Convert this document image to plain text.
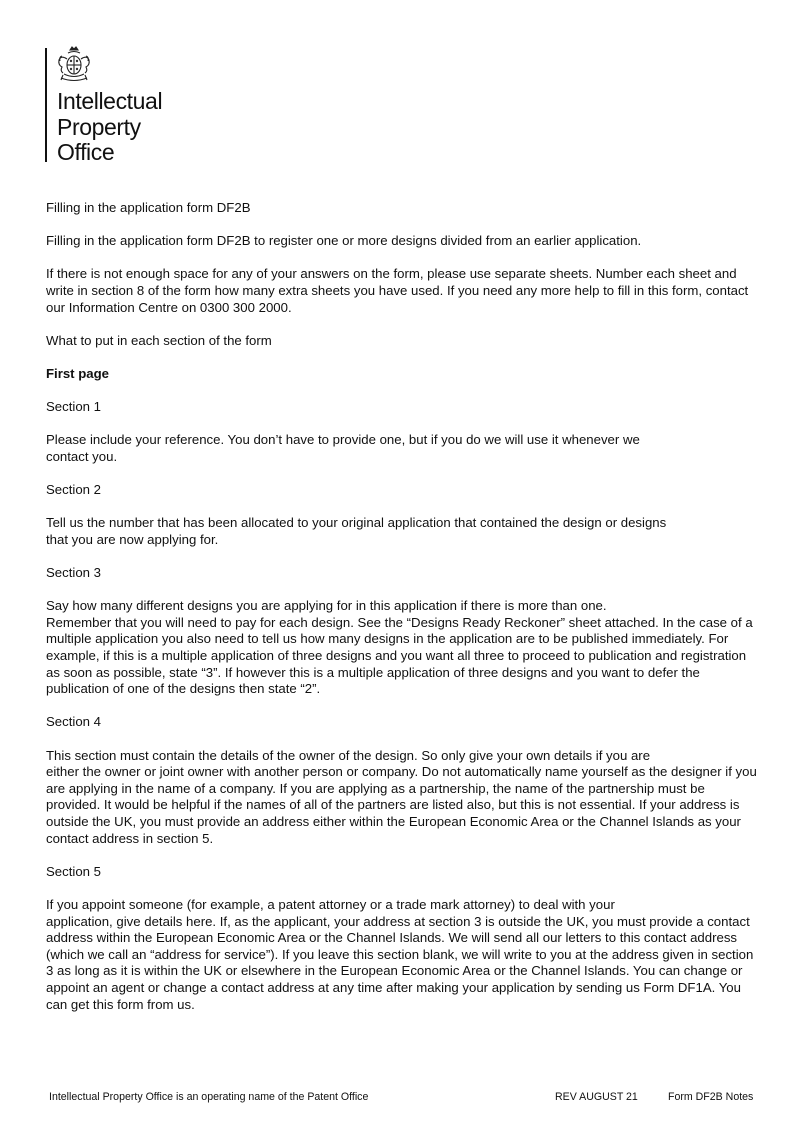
Intellectual
Property
Office

Filling in the application form DF2B

Filling in the application form DF2B to register one or more designs divided from an earlier application.

If there is not enough space for any of your answers on the form, please use separate sheets. Number each sheet and write in section 8 of the form how many extra sheets you have used. If you need any more help to fill in this form, contact our Information Centre on 0300 300 2000.

What to put in each section of the form

First page

Section 1

Please include your reference. You don’t have to provide one, but if you do we will use it whenever we
contact you.

Section 2

Tell us the number that has been allocated to your original application that contained the design or designs
that you are now applying for.

Section 3

Say how many different designs you are applying for in this application if there is more than one.
Remember that you will need to pay for each design. See the “Designs Ready Reckoner” sheet attached. In the case of a multiple application you also need to tell us how many designs in the application are to be published immediately. For example, if this is a multiple application of three designs and you want all three to proceed to publication and registration as soon as possible, state “3”. If however this is a multiple application of three designs and you want to defer the publication of one of the designs then state “2”.

Section 4

This section must contain the details of the owner of the design. So only give your own details if you are
either the owner or joint owner with another person or company. Do not automatically name yourself as the designer if you are applying in the name of a company. If you are applying as a partnership, the name of the partnership must be provided. It would be helpful if the names of all of the partners are listed also, but this is not essential. If your address is outside the UK, you must provide an address either within the European Economic Area or the Channel Islands as your contact address in section 5.

Section 5

If you appoint someone (for example, a patent attorney or a trade mark attorney) to deal with your
application, give details here. If, as the applicant, your address at section 3 is outside the UK, you must provide a contact address within the European Economic Area or the Channel Islands. We will send all our letters to this contact address (which we call an “address for service”). If you leave this section blank, we will write to you at the address given in section 3 as long as it is within the UK or elsewhere in the European Economic Area or the Channel Islands. You can change or appoint an agent or change a contact address at any time after making your application by sending us Form DF1A. You can get this form from us.

Intellectual Property Office is an operating name of the Patent Office	REV AUGUST 21	Form DF2B Notes
